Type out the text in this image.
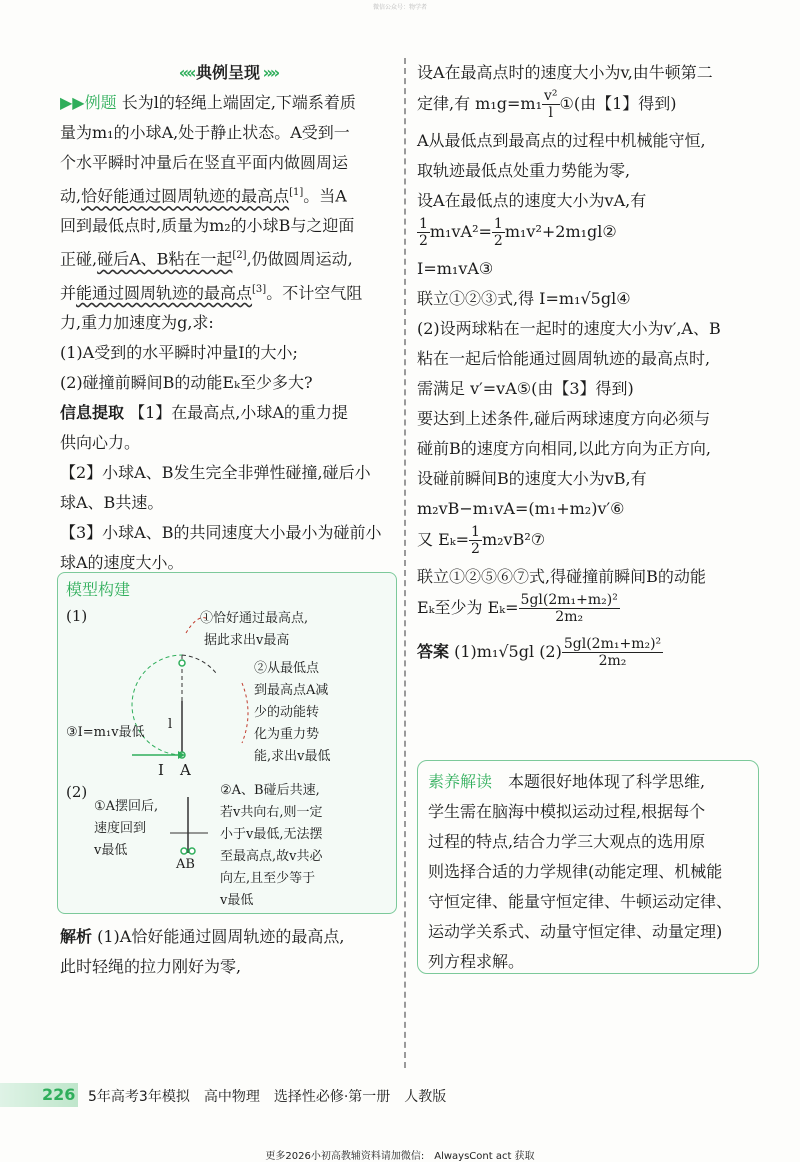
微信公众号：物学者
«« 典例呈现 »»
▶▶例题 长为l的轻绳上端固定,下端系着质
量为m₁的小球A,处于静止状态。A受到一
个水平瞬时冲量后在竖直平面内做圆周运
动,恰好能通过圆周轨迹的最高点[1]。当A
回到最低点时,质量为m₂的小球B与之迎面
正碰,碰后A、B粘在一起[2],仍做圆周运动,
并能通过圆周轨迹的最高点[3]。不计空气阻
力,重力加速度为g,求:
(1)A受到的水平瞬时冲量I的大小;
(2)碰撞前瞬间B的动能Eₖ至少多大?
信息提取 【1】在最高点,小球A的重力提
供向心力。
【2】小球A、B发生完全非弹性碰撞,碰后小
球A、B共速。
【3】小球A、B的共同速度大小最小为碰前小
球A的速度大小。
模型构建
(1)	①恰好通过最高点,
据此求出v最高
②从最低点
到最高点A减
少的动能转
化为重力势
能,求出v最低
③I=m₁v最低
l
I A
(2)
①A摆回后,
速度回到
v最低
AB
②A、B碰后共速,
若v共向右,则一定
小于v最低,无法摆
至最高点,故v共必
向左,且至少等于
v最低
解析 (1)A恰好能通过圆周轨迹的最高点,
此时轻绳的拉力刚好为零,
设A在最高点时的速度大小为v,由牛顿第二
定律,有 $m_1g=m_1 \frac{\text{v²}}{l}$ ①(由【1】得到)
A从最低点到最高点的过程中机械能守恒,
取轨迹最低点处重力势能为零,
设A在最低点的速度大小为vA,有
$\frac{1}{2} m_1vA^2= \frac{1}{2}$ m₁v²+2m₁gl②
I=m₁vA③
联立①②③式,得 I=m₁√5gl④
(2)设两球粘在一起时的速度大小为v′,A、B
粘在一起后恰能通过圆周轨迹的最高点时,
需满足 v′=vA⑤(由【3】得到)
要达到上述条件,碰后两球速度方向必须与
碰前B的速度方向相同,以此方向为正方向,
设碰前瞬间B的速度大小为vB,有
m₂vB−m₁vA=(m₁+m₂)v′⑥
又 $E_k= \frac{1}{2}$ m₂vB²⑦
联立①②⑤⑥⑦式,得碰撞前瞬间B的动能
Eₖ至少为 $E_k= \frac{\text{5gl(2m₁+m₂)²}}{\text{2m₂}}$
答案 (1)m₁√5gl $(2) \frac{\text{5gl(2m₁+m₂)²}}{\text{2m₂}}$
素养解读　 本题很好地体现了科学思维,
学生需在脑海中模拟运动过程,根据每个
过程的特点,结合力学三大观点的选用原
则选择合适的力学规律(动能定理、机械能
守恒定律、能量守恒定律、牛顿运动定律、
运动学关系式、动量守恒定律、动量定理)
列方程求解。
226 5年高考3年模拟　高中物理　选择性必修·第一册　人教版
更多2026小初高教辅资料请加微信:　AlwaysCont act 获取
